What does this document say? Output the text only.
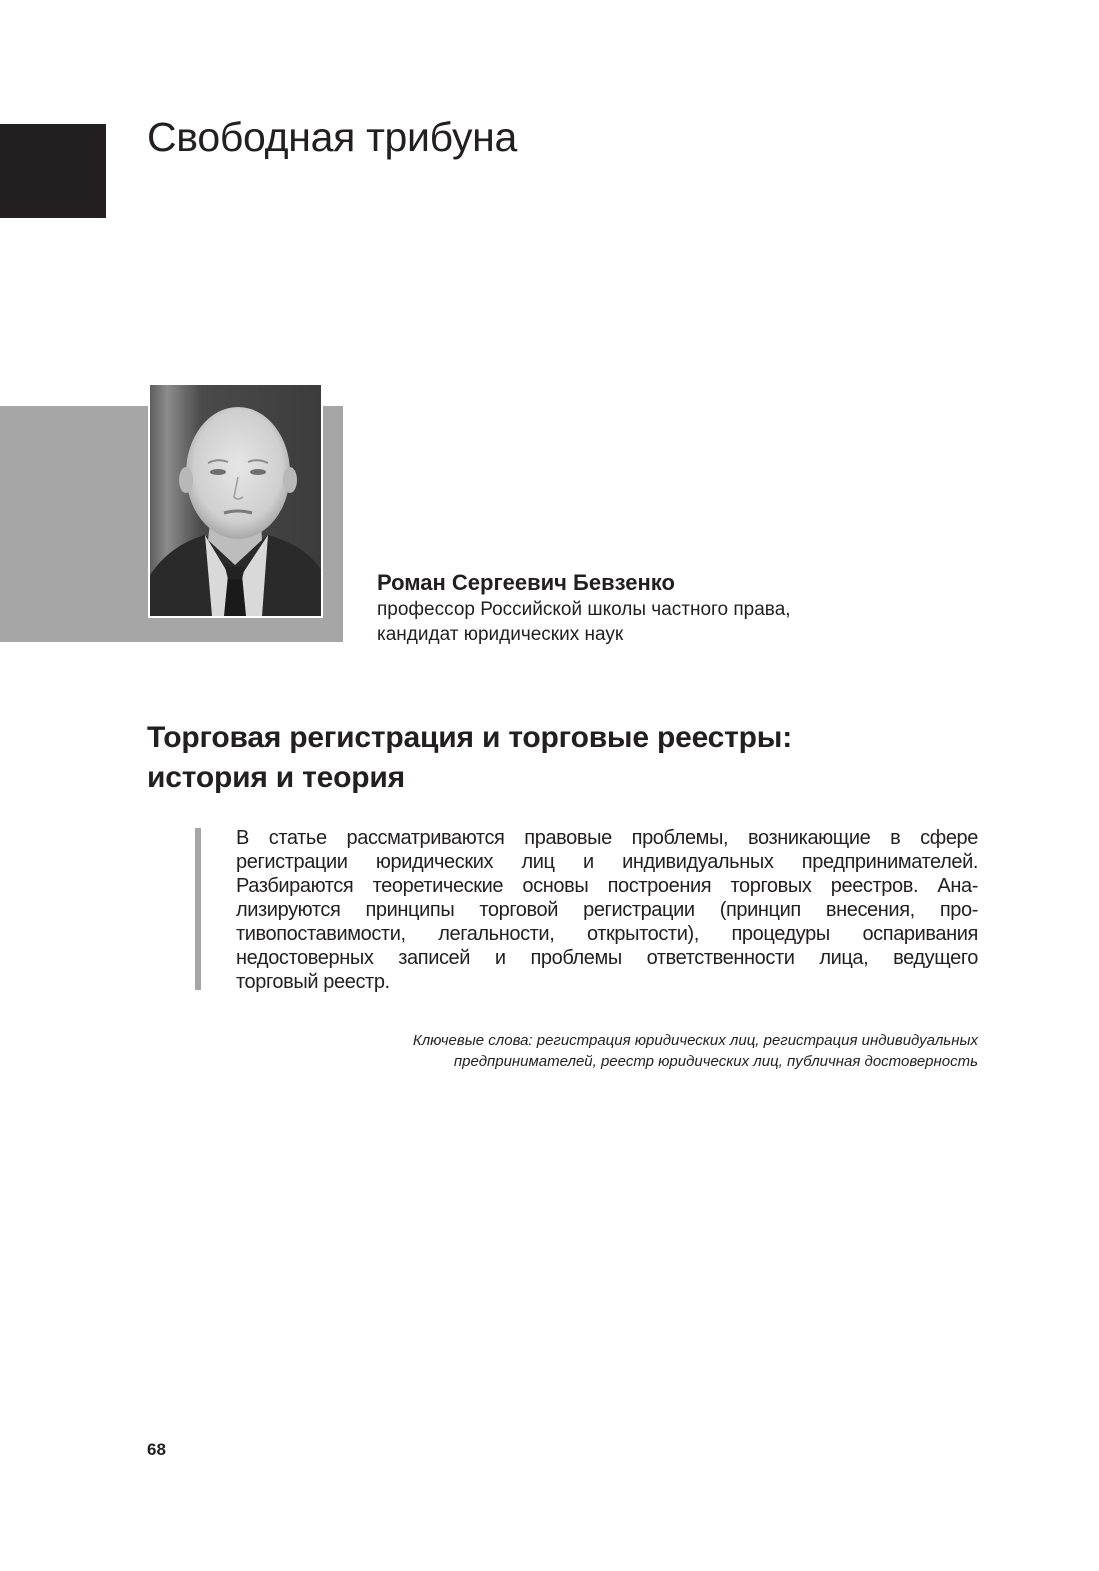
Свободная трибуна
Роман Сергеевич Бевзенко
профессор Российской школы частного права,
кандидат юридических наук
Торговая регистрация и торговые реестры:
история и теория
В статье рассматриваются правовые проблемы, возникающие в сфере
регистрации юридических лиц и индивидуальных предпринимателей.
Разбираются теоретические основы построения торговых реестров. Ана-
лизируются принципы торговой регистрации (принцип внесения, про-
тивопоставимости, легальности, открытости), процедуры оспаривания
недостоверных записей и проблемы ответственности лица, ведущего
торговый реестр.
Ключевые слова: регистрация юридических лиц, регистрация индивидуальных
предпринимателей, реестр юридических лиц, публичная достоверность
68
